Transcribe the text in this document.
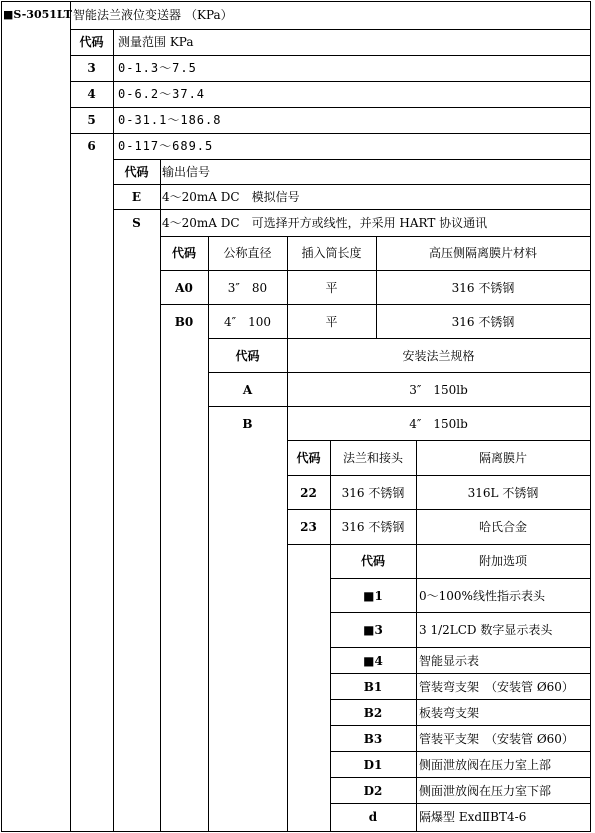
■S-3051LT 智能法兰液位变送器 （KPa）
代码	测量范围 KPa
3	0-1.3～7.5
4	0-6.2～37.4
5	0-31.1～186.8
6	0-117～689.5
代码	输出信号
E	4～20mA DC　模拟信号
S	4～20mA DC　可选择开方或线性，并采用 HART 协议通讯
代码	公称直径	插入筒长度	高压侧隔离膜片材料
A0	3″　80	平	316 不锈钢
B0	4″　100	平	316 不锈钢
代码	安装法兰规格
A	3″　150lb
B	4″　150lb
代码	法兰和接头	隔离膜片
22	316 不锈钢	316L 不锈钢
23	316 不锈钢	哈氏合金
代码	附加选项
■1	0～100%线性指示表头
■3	3 1/2LCD 数字显示表头
■4	智能显示表
B1	管装弯支架　（安装管 Ø60）
B2	板装弯支架
B3	管装平支架　（安装管 Ø60）
D1	侧面泄放阀在压力室上部
D2	侧面泄放阀在压力室下部
d	隔爆型 ExdⅡBT4-6
